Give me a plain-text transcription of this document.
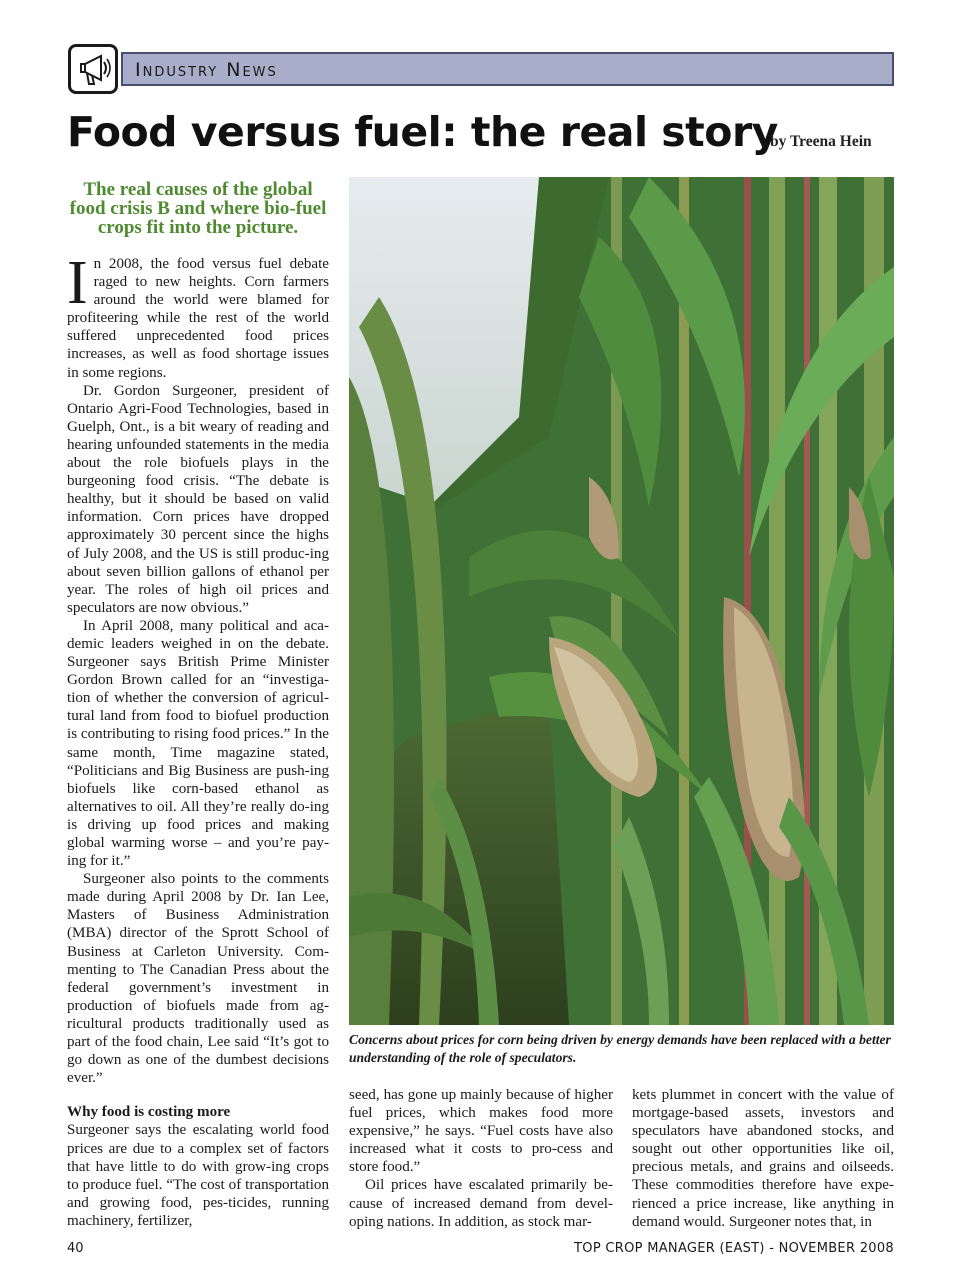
Industry News
Food versus fuel: the real story
by Treena Hein
The real causes of the global food crisis B and where bio-fuel crops fit into the picture.

In 2008, the food versus fuel debate raged to new heights. Corn farmers around the world were blamed for profiteering while the rest of the world suffered unprecedented food prices increases, as well as food shortage issues in some regions.

Dr. Gordon Surgeoner, president of Ontario Agri-Food Technologies, based in Guelph, Ont., is a bit weary of reading and hearing unfounded statements in the media about the role biofuels plays in the burgeoning food crisis. “The debate is healthy, but it should be based on valid information. Corn prices have dropped approximately 30 percent since the highs of July 2008, and the US is still produc-ing about seven billion gallons of ethanol per year. The roles of high oil prices and speculators are now obvious.”

In April 2008, many political and aca-demic leaders weighed in on the debate. Surgeoner says British Prime Minister Gordon Brown called for an “investiga-tion of whether the conversion of agricul-tural land from food to biofuel production is contributing to rising food prices.” In the same month, Time magazine stated, “Politicians and Big Business are push-ing biofuels like corn-based ethanol as alternatives to oil. All they’re really do-ing is driving up food prices and making global warming worse – and you’re pay-ing for it.”

Surgeoner also points to the comments made during April 2008 by Dr. Ian Lee, Masters of Business Administration (MBA) director of the Sprott School of Business at Carleton University. Com-menting to The Canadian Press about the federal government’s investment in production of biofuels made from ag-ricultural products traditionally used as part of the food chain, Lee said “It’s got to go down as one of the dumbest decisions ever.”

Why food is costing more

Surgeoner says the escalating world food prices are due to a complex set of factors that have little to do with grow-ing crops to produce fuel. “The cost of transportation and growing food, pes-ticides, running machinery, fertilizer,

Concerns about prices for corn being driven by energy demands have been replaced with a better understanding of the role of speculators.

seed, has gone up mainly because of higher fuel prices, which makes food more expensive,” he says. “Fuel costs have also increased what it costs to pro-cess and store food.”

Oil prices have escalated primarily be-cause of increased demand from devel-oping nations. In addition, as stock mar-

kets plummet in concert with the value of mortgage-based assets, investors and speculators have abandoned stocks, and sought out other opportunities like oil, precious metals, and grains and oilseeds. These commodities therefore have expe-rienced a price increase, like anything in demand would. Surgeoner notes that, in

40	TOP CROP MANAGER (EAST) - NOVEMBER 2008
